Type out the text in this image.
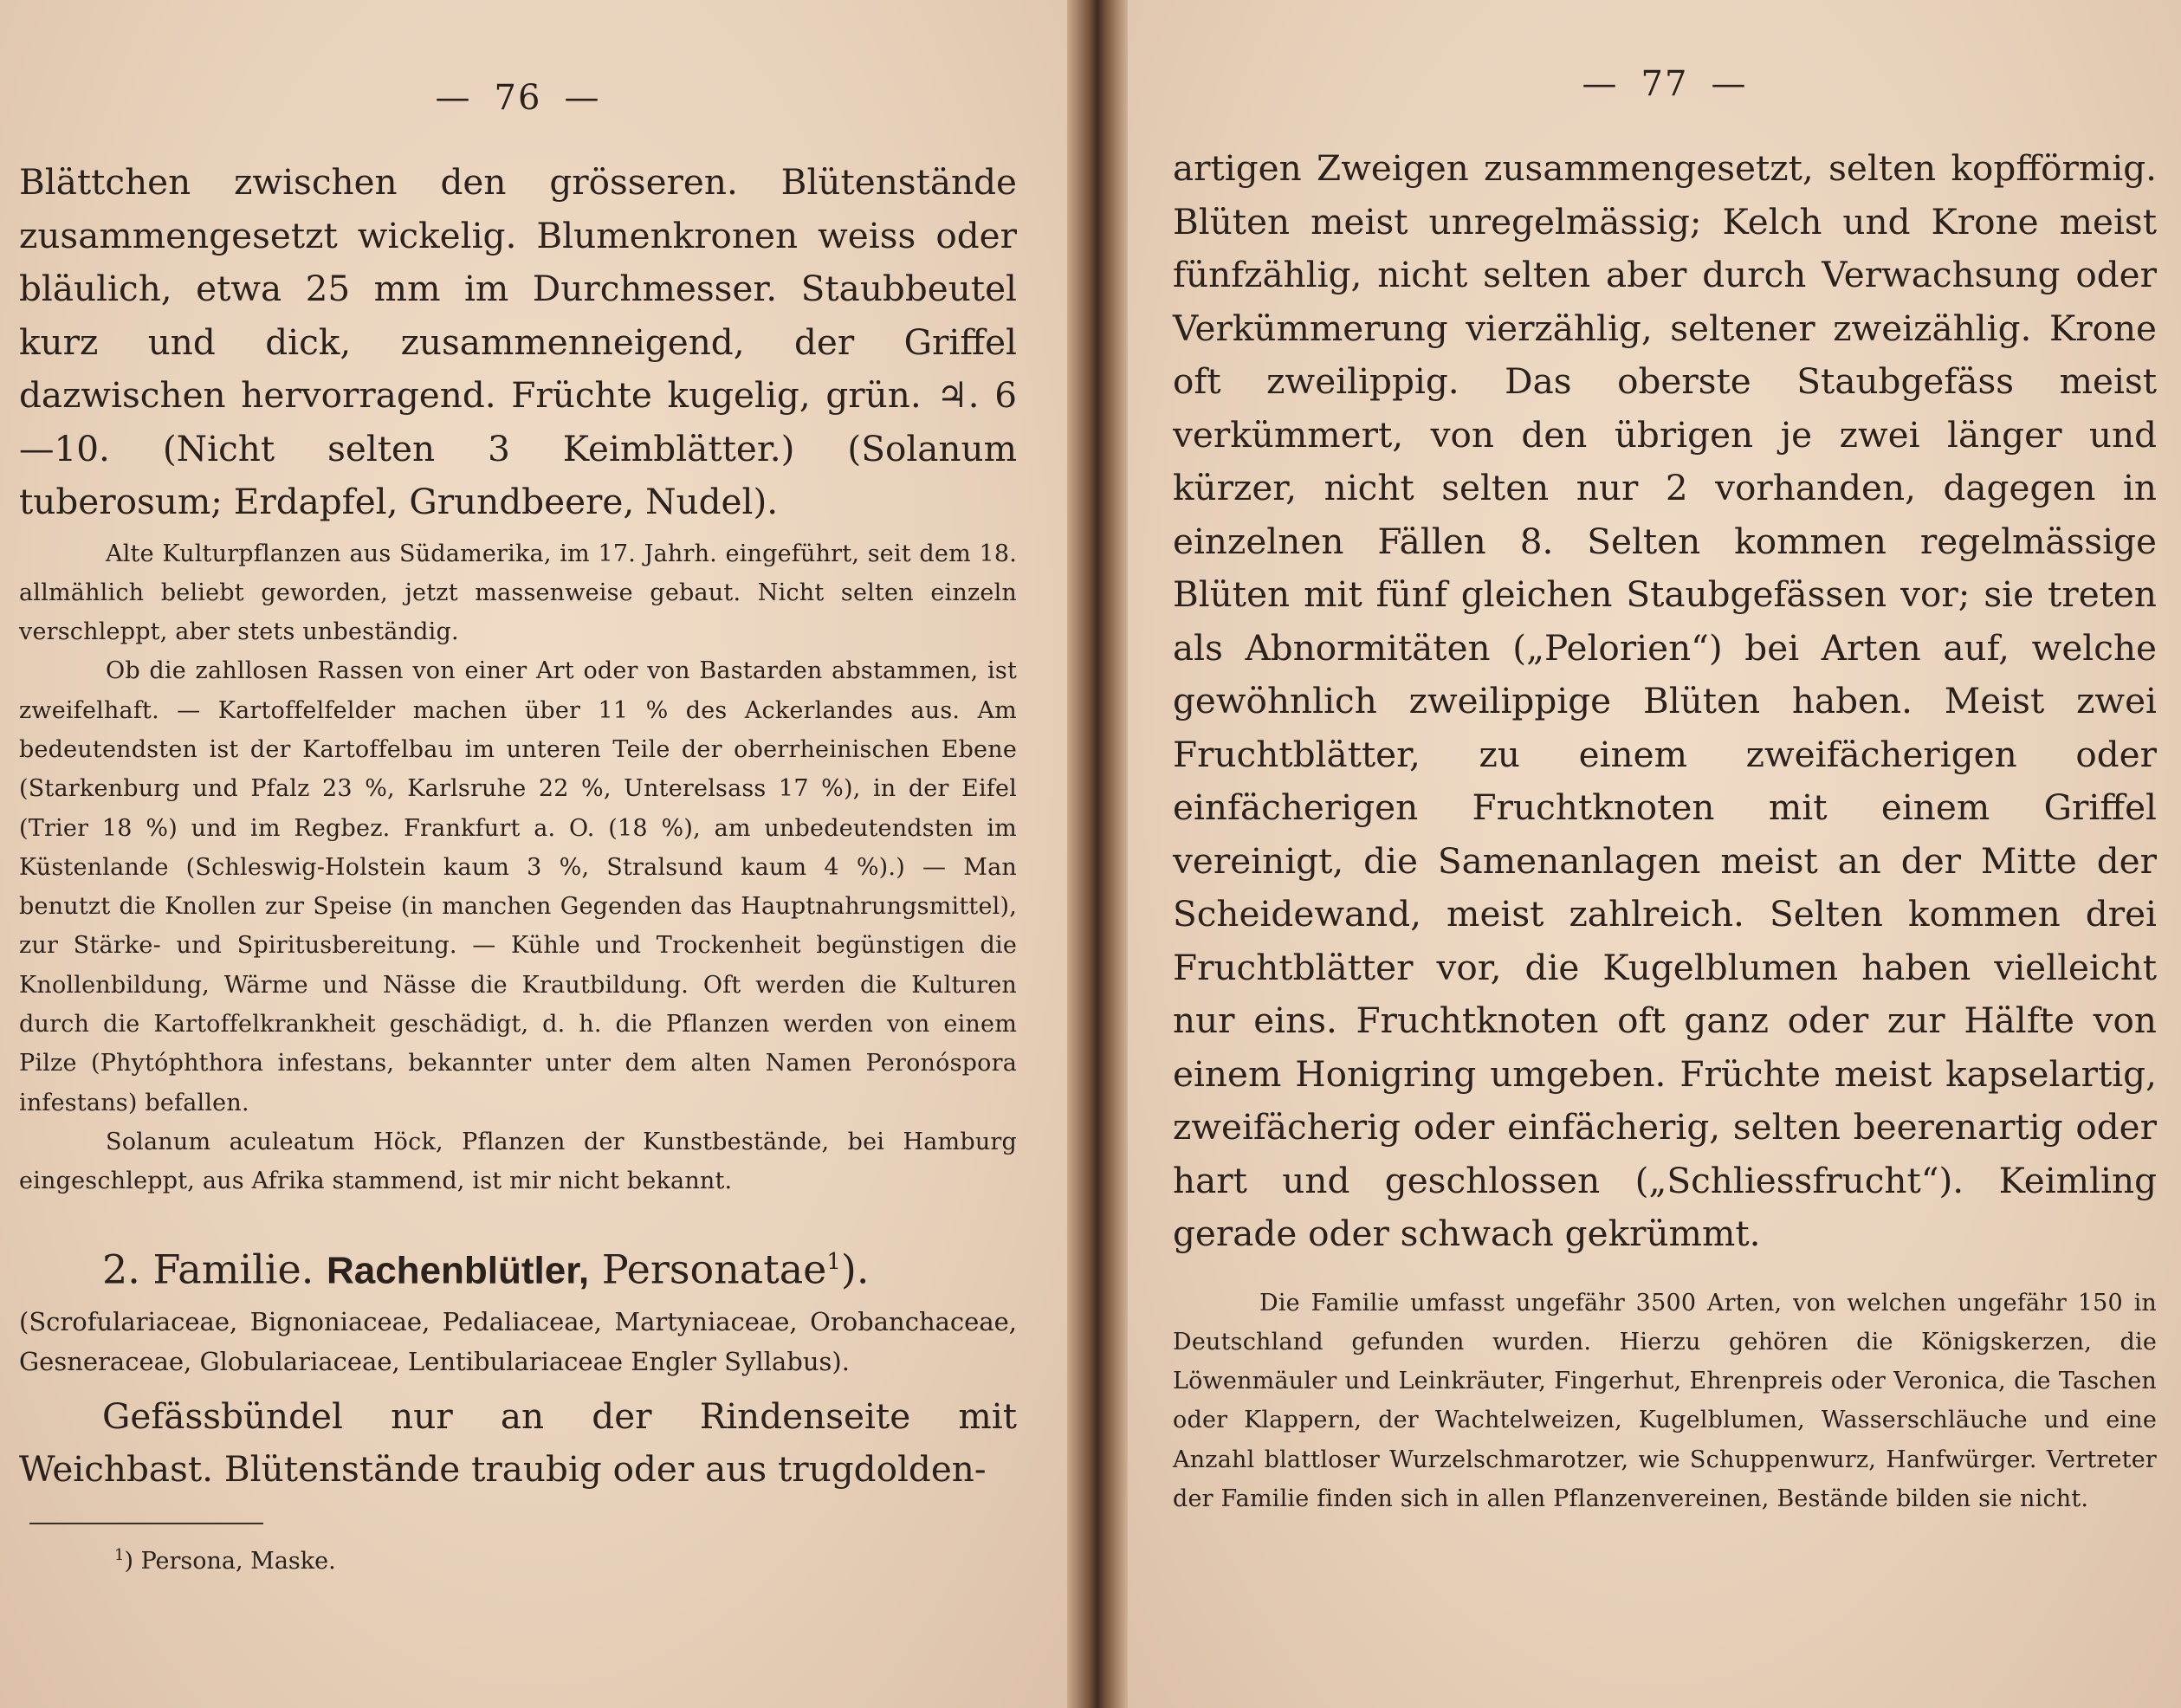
— 76 —

Blättchen zwischen den grösseren. Blütenstände zusammengesetzt wickelig. Blumenkronen weiss oder bläulich, etwa 25 mm im Durchmesser. Staubbeutel kurz und dick, zusammenneigend, der Griffel dazwischen hervorragend. Früchte kugelig, grün. ♃. 6—10. (Nicht selten 3 Keimblätter.) (Solanum tuberosum; Erdapfel, Grundbeere, Nudel).

Alte Kulturpflanzen aus Südamerika, im 17. Jahrh. eingeführt, seit dem 18. allmählich beliebt geworden, jetzt massenweise gebaut. Nicht selten einzeln verschleppt, aber stets unbeständig.

Ob die zahllosen Rassen von einer Art oder von Bastarden abstammen, ist zweifelhaft. — Kartoffelfelder machen über 11 % des Ackerlandes aus. Am bedeutendsten ist der Kartoffelbau im unteren Teile der oberrheinischen Ebene (Starkenburg und Pfalz 23 %, Karlsruhe 22 %, Unterelsass 17 %), in der Eifel (Trier 18 %) und im Regbez. Frankfurt a. O. (18 %), am unbedeutendsten im Küstenlande (Schleswig-Holstein kaum 3 %, Stralsund kaum 4 %).) — Man benutzt die Knollen zur Speise (in manchen Gegenden das Hauptnahrungsmittel), zur Stärke- und Spiritusbereitung. — Kühle und Trockenheit begünstigen die Knollenbildung, Wärme und Nässe die Krautbildung. Oft werden die Kulturen durch die Kartoffelkrankheit geschädigt, d. h. die Pflanzen werden von einem Pilze (Phytóphthora infestans, bekannter unter dem alten Namen Peronóspora infestans) befallen.

Solanum aculeatum Höck, Pflanzen der Kunstbestände, bei Hamburg eingeschleppt, aus Afrika stammend, ist mir nicht bekannt.

2. Familie. Rachenblütler, Personatae$^1$).

(Scrofulariaceae, Bignoniaceae, Pedaliaceae, Martyniaceae, Orobanchaceae, Gesneraceae, Globulariaceae, Lentibulariaceae Engler Syllabus).

Gefässbündel nur an der Rindenseite mit Weichbast. Blütenstände traubig oder aus trugdolden-

$^1$) Persona, Maske.

— 77 —

artigen Zweigen zusammengesetzt, selten kopfförmig. Blüten meist unregelmässig; Kelch und Krone meist fünfzählig, nicht selten aber durch Verwachsung oder Verkümmerung vierzählig, seltener zweizählig. Krone oft zweilippig. Das oberste Staubgefäss meist verkümmert, von den übrigen je zwei länger und kürzer, nicht selten nur 2 vorhanden, dagegen in einzelnen Fällen 8. Selten kommen regelmässige Blüten mit fünf gleichen Staubgefässen vor; sie treten als Abnormitäten („Pelorien“) bei Arten auf, welche gewöhnlich zweilippige Blüten haben. Meist zwei Fruchtblätter, zu einem zweifächerigen oder einfächerigen Fruchtknoten mit einem Griffel vereinigt, die Samenanlagen meist an der Mitte der Scheidewand, meist zahlreich. Selten kommen drei Fruchtblätter vor, die Kugelblumen haben vielleicht nur eins. Fruchtknoten oft ganz oder zur Hälfte von einem Honigring umgeben. Früchte meist kapselartig, zweifächerig oder einfächerig, selten beerenartig oder hart und geschlossen („Schliessfrucht“). Keimling gerade oder schwach gekrümmt.

Die Familie umfasst ungefähr 3500 Arten, von welchen ungefähr 150 in Deutschland gefunden wurden. Hierzu gehören die Königskerzen, die Löwenmäuler und Leinkräuter, Fingerhut, Ehrenpreis oder Veronica, die Taschen oder Klappern, der Wachtelweizen, Kugelblumen, Wasserschläuche und eine Anzahl blattloser Wurzelschmarotzer, wie Schuppenwurz, Hanfwürger. Vertreter der Familie finden sich in allen Pflanzenvereinen, Bestände bilden sie nicht.
